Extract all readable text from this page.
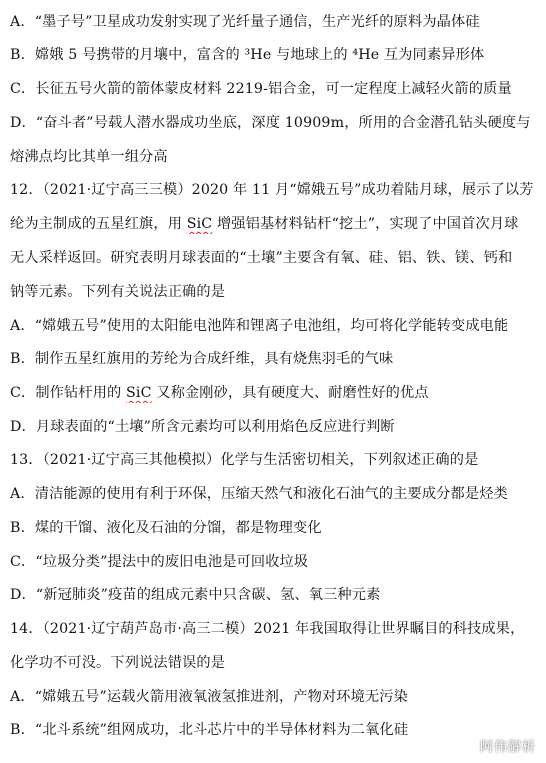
A．“墨子号”卫星成功发射实现了光纤量子通信，生产光纤的原料为晶体硅
B．嫦娥 5 号携带的月壤中，富含的 ³He 与地球上的 ⁴He 互为同素异形体
C．长征五号火箭的箭体蒙皮材料 2219-铝合金，可一定程度上减轻火箭的质量
D．“奋斗者”号载人潜水器成功坐底，深度 10909m，所用的合金潜孔钻头硬度与
熔沸点均比其单一组分高
12．（2021·辽宁高三三模）2020 年 11 月“嫦娥五号”成功着陆月球，展示了以芳
纶为主制成的五星红旗，用 SiC 增强铝基材料钻杆“挖土”，实现了中国首次月球
无人采样返回。研究表明月球表面的“土壤”主要含有氧、硅、铝、铁、镁、钙和
钠等元素。下列有关说法正确的是
A．“嫦娥五号”使用的太阳能电池阵和锂离子电池组，均可将化学能转变成电能
B．制作五星红旗用的芳纶为合成纤维，具有烧焦羽毛的气味
C．制作钻杆用的 SiC 又称金刚砂，具有硬度大、耐磨性好的优点
D．月球表面的“土壤”所含元素均可以利用焰色反应进行判断
13．（2021·辽宁高三其他模拟）化学与生活密切相关，下列叙述正确的是
A．清洁能源的使用有利于环保，压缩天然气和液化石油气的主要成分都是烃类
B．煤的干馏、液化及石油的分馏，都是物理变化
C．“垃圾分类”提法中的废旧电池是可回收垃圾
D．“新冠肺炎”疫苗的组成元素中只含碳、氢、氧三种元素
14．（2021·辽宁葫芦岛市·高三二模）2021 年我国取得让世界瞩目的科技成果，
化学功不可没。下列说法错误的是
A．“嫦娥五号”运载火箭用液氧液氢推进剂，产物对环境无污染
B．“北斗系统”组网成功，北斗芯片中的半导体材料为二氧化硅
阿伟解析
